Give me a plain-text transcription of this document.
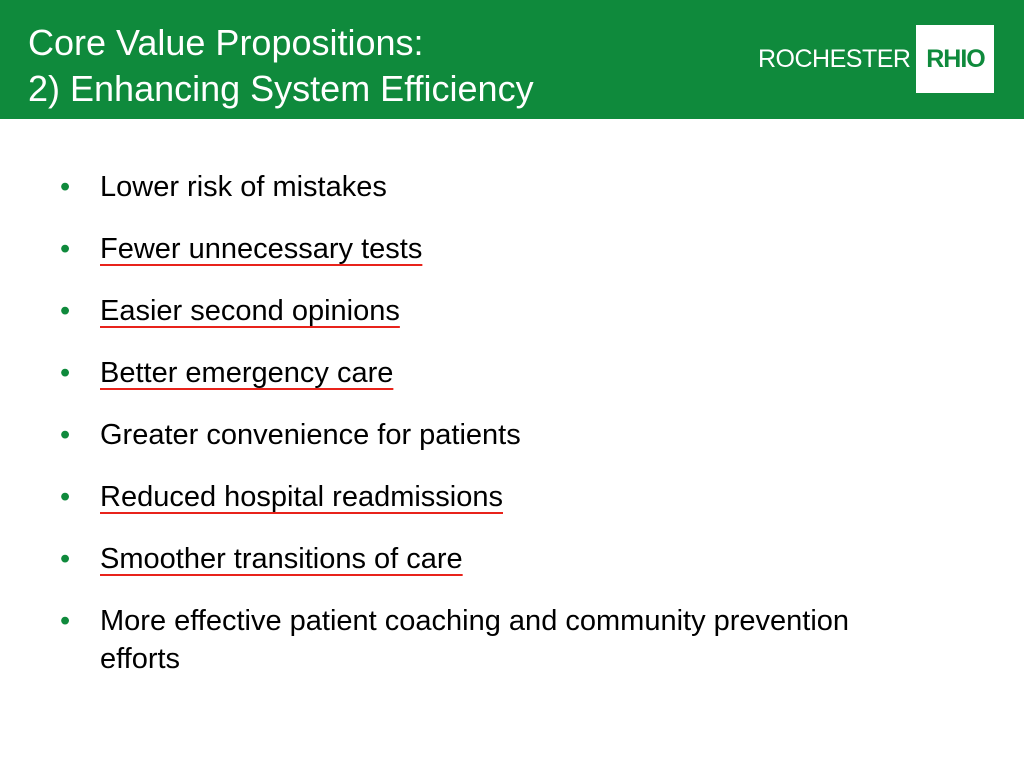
Core Value Propositions:
2) Enhancing System Efficiency
ROCHESTER RHIO
•	Lower risk of mistakes
•	Fewer unnecessary tests
•	Easier second opinions
•	Better emergency care
•	Greater convenience for patients
•	Reduced hospital readmissions
•	Smoother transitions of care
•	More effective patient coaching and community prevention efforts
